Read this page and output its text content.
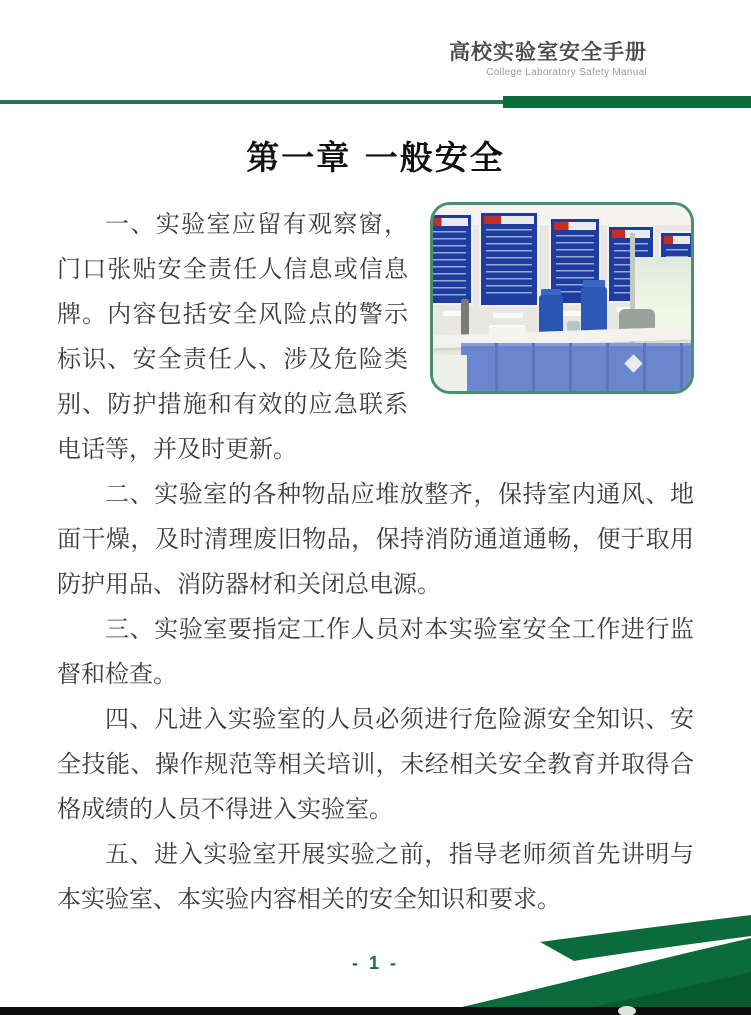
高校实验室安全手册
College Laboratory Safety Manual
第一章 一般安全

一、实验室应留有观察窗，门口张贴安全责任人信息或信息牌。内容包括安全风险点的警示标识、安全责任人、涉及危险类别、防护措施和有效的应急联系电话等，并及时更新。

二、实验室的各种物品应堆放整齐，保持室内通风、地面干燥，及时清理废旧物品，保持消防通道通畅，便于取用防护用品、消防器材和关闭总电源。

三、实验室要指定工作人员对本实验室安全工作进行监督和检查。

四、凡进入实验室的人员必须进行危险源安全知识、安全技能、操作规范等相关培训，未经相关安全教育并取得合格成绩的人员不得进入实验室。

五、进入实验室开展实验之前，指导老师须首先讲明与本实验室、本实验内容相关的安全知识和要求。

- 1 -
